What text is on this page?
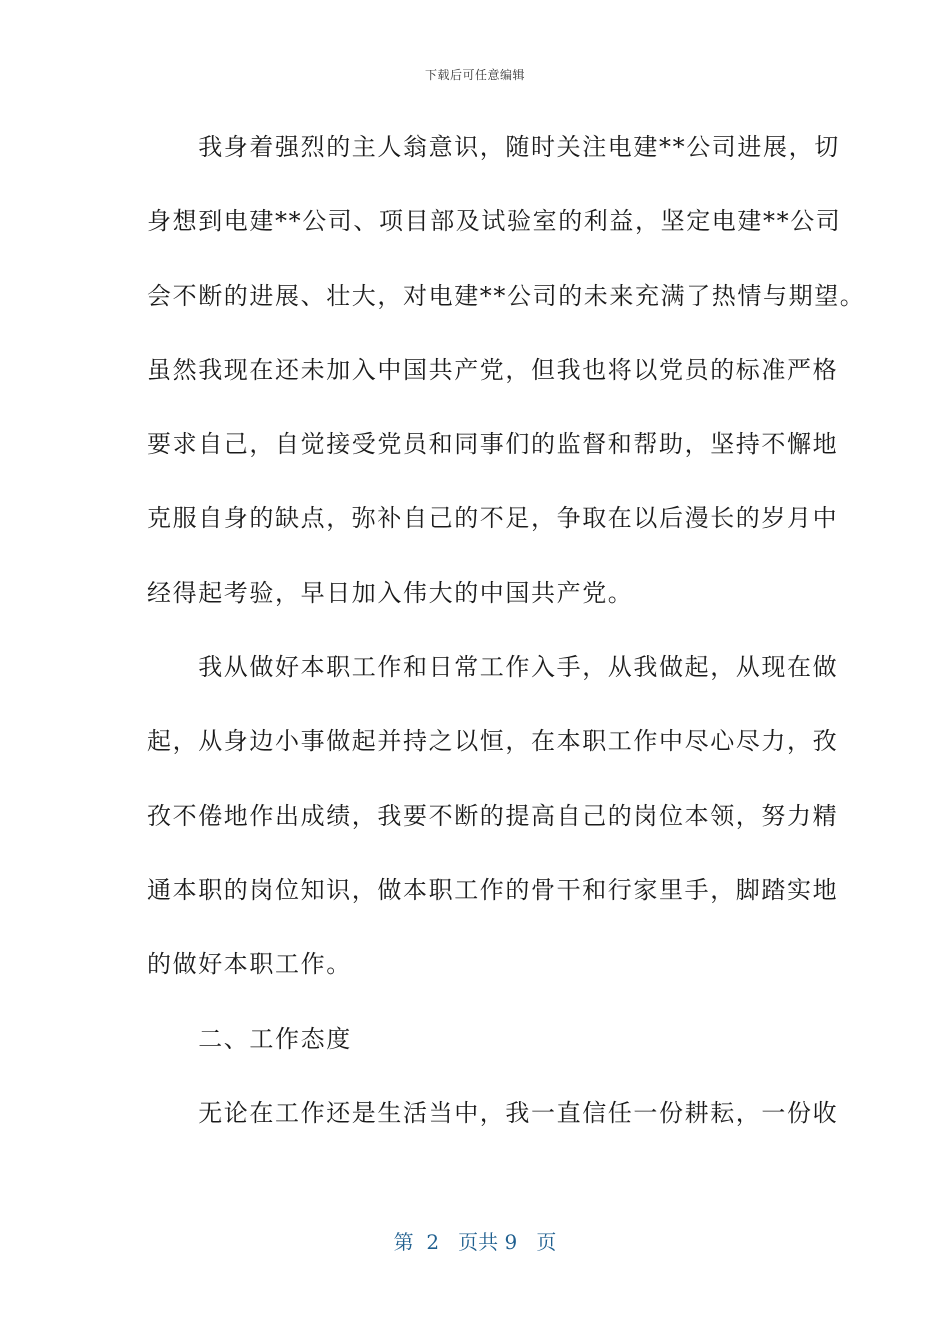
下载后可任意编辑
　　我身着强烈的主人翁意识，随时关注电建**公司进展，切
身想到电建**公司、项目部及试验室的利益，坚定电建**公司
会不断的进展、壮大，对电建**公司的未来充满了热情与期望。
虽然我现在还未加入中国共产党，但我也将以党员的标准严格
要求自己，自觉接受党员和同事们的监督和帮助，坚持不懈地
克服自身的缺点，弥补自己的不足，争取在以后漫长的岁月中
经得起考验，早日加入伟大的中国共产党。
　　我从做好本职工作和日常工作入手，从我做起，从现在做
起，从身边小事做起并持之以恒，在本职工作中尽心尽力，孜
孜不倦地作出成绩，我要不断的提高自己的岗位本领，努力精
通本职的岗位知识，做本职工作的骨干和行家里手，脚踏实地
的做好本职工作。
　　二、工作态度
　　无论在工作还是生活当中，我一直信任一份耕耘，一份收
第  2   页共 9   页
